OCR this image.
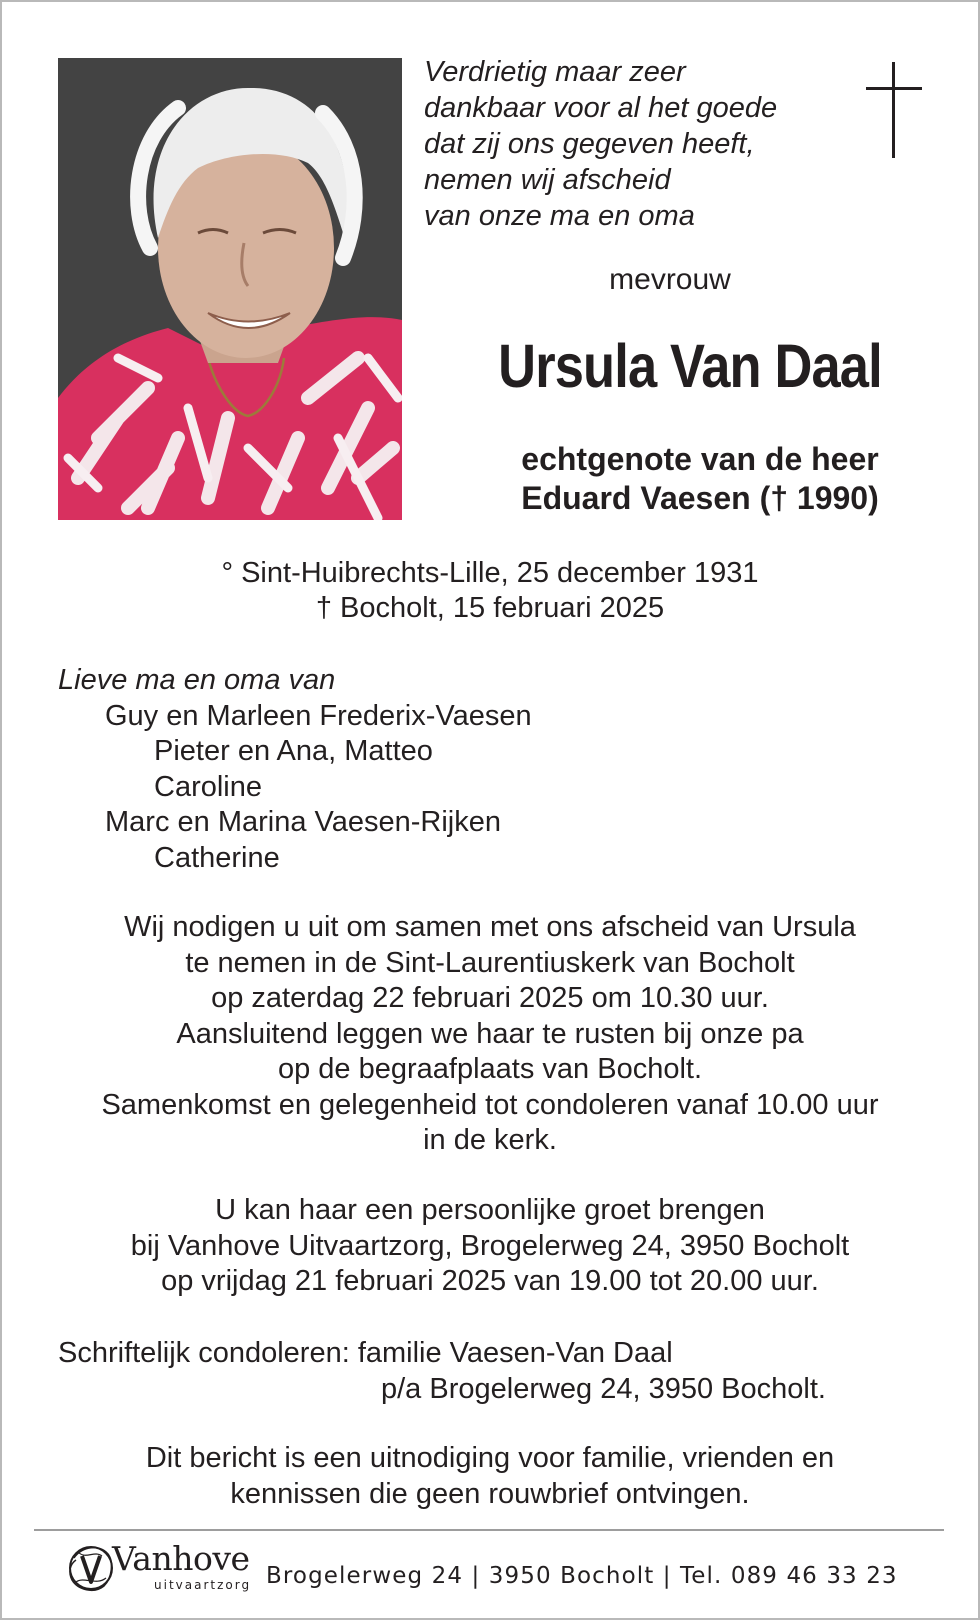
Verdrietig maar zeer
dankbaar voor al het goede
dat zij ons gegeven heeft,
nemen wij afscheid
van onze ma en oma
mevrouw
Ursula Van Daal
echtgenote van de heer
Eduard Vaesen († 1990)
° Sint-Huibrechts-Lille, 25 december 1931
† Bocholt, 15 februari 2025
Lieve ma en oma van
Guy en Marleen Frederix-Vaesen
Pieter en Ana, Matteo
Caroline
Marc en Marina Vaesen-Rijken
Catherine
Wij nodigen u uit om samen met ons afscheid van Ursula
te nemen in de Sint-Laurentiuskerk van Bocholt
op zaterdag 22 februari 2025 om 10.30 uur.
Aansluitend leggen we haar te rusten bij onze pa
op de begraafplaats van Bocholt.
Samenkomst en gelegenheid tot condoleren vanaf 10.00 uur
in de kerk.
U kan haar een persoonlijke groet brengen
bij Vanhove Uitvaartzorg, Brogelerweg 24, 3950 Bocholt
op vrijdag 21 februari 2025 van 19.00 tot 20.00 uur.
Schriftelijk condoleren: familie Vaesen-Van Daal
p/a Brogelerweg 24, 3950 Bocholt.
Dit bericht is een uitnodiging voor familie, vrienden en
kennissen die geen rouwbrief ontvingen.
Vanhove
uitvaartzorg Brogelerweg 24 | 3950 Bocholt | Tel. 089 46 33 23
